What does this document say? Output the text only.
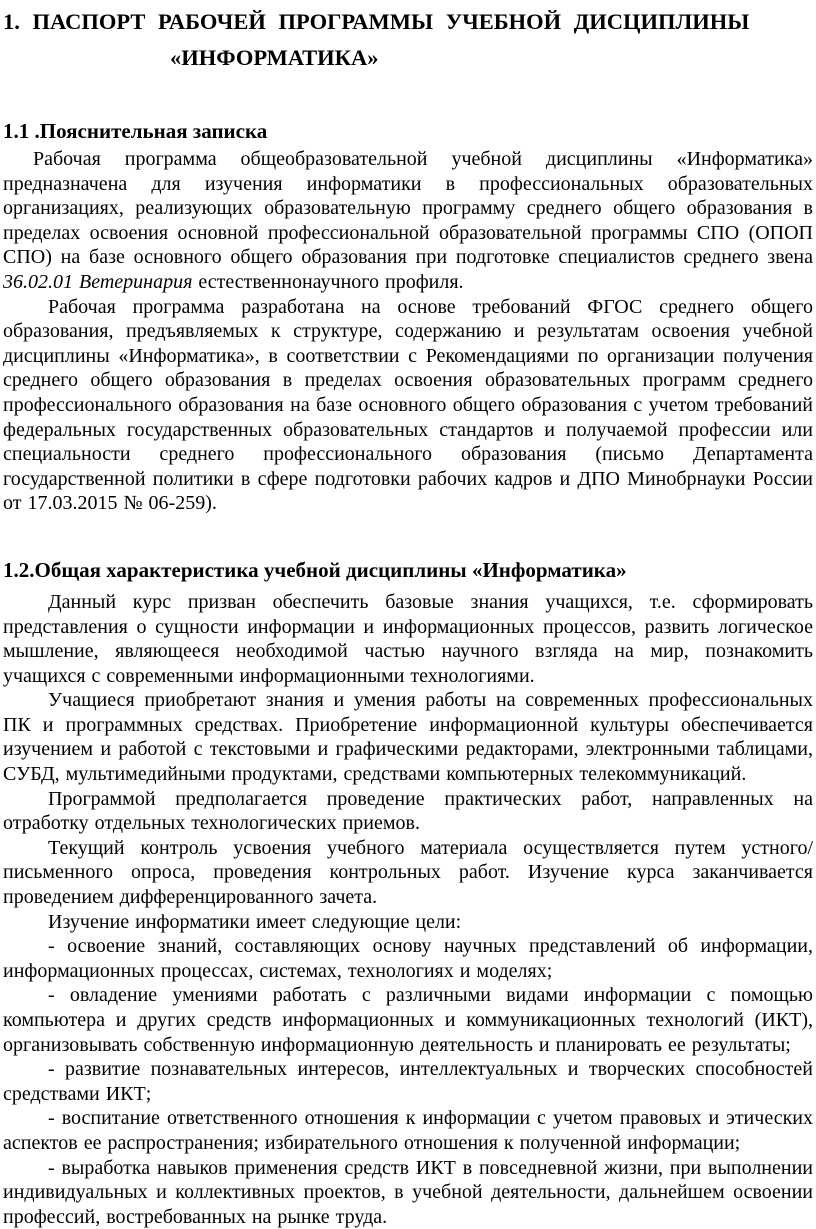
1. ПАСПОРТ РАБОЧЕЙ ПРОГРАММЫ УЧЕБНОЙ ДИСЦИПЛИНЫ
«ИНФОРМАТИКА»
1.1 .Пояснительная записка

Рабочая программа общеобразовательной учебной дисциплины «Информатика» предназначена для изучения информатики в профессиональных образовательных организациях, реализующих образовательную программу среднего общего образования в пределах освоения основной профессиональной образовательной программы СПО (ОПОП СПО) на базе основного общего образования при подготовке специалистов среднего звена 36.02.01 Ветеринария естественнонаучного профиля.

Рабочая программа разработана на основе требований ФГОС среднего общего образования, предъявляемых к структуре, содержанию и результатам освоения учебной дисциплины «Информатика», в соответствии с Рекомендациями по организации получения среднего общего образования в пределах освоения образовательных программ среднего профессионального образования на базе основного общего образования с учетом требований федеральных государственных образовательных стандартов и получаемой профессии или специальности среднего профессионального образования (письмо Департамента государственной политики в сфере подготовки рабочих кадров и ДПО Минобрнауки России от 17.03.2015 № 06-259).

1.2.Общая характеристика учебной дисциплины «Информатика»

Данный курс призван обеспечить базовые знания учащихся, т.е. сформировать представления о сущности информации и информационных процессов, развить логическое мышление, являющееся необходимой частью научного взгляда на мир, познакомить учащихся с современными информационными технологиями.

Учащиеся приобретают знания и умения работы на современных профессиональных ПК и программных средствах. Приобретение информационной культуры обеспечивается изучением и работой с текстовыми и графическими редакторами, электронными таблицами, СУБД, мультимедийными продуктами, средствами компьютерных телекоммуникаций.

Программой предполагается проведение практических работ, направленных на отработку отдельных технологических приемов.

Текущий контроль усвоения учебного материала осуществляется путем устного/письменного опроса, проведения контрольных работ. Изучение курса заканчивается проведением дифференцированного зачета.

Изучение информатики имеет следующие цели:

- освоение знаний, составляющих основу научных представлений об информации, информационных процессах, системах, технологиях и моделях;

- овладение умениями работать с различными видами информации с помощью компьютера и других средств информационных и коммуникационных технологий (ИКТ), организовывать собственную информационную деятельность и планировать ее результаты;

- развитие познавательных интересов, интеллектуальных и творческих способностей средствами ИКТ;

- воспитание ответственного отношения к информации с учетом правовых и этических аспектов ее распространения; избирательного отношения к полученной информации;

- выработка навыков применения средств ИКТ в повседневной жизни, при выполнении индивидуальных и коллективных проектов, в учебной деятельности, дальнейшем освоении профессий, востребованных на рынке труда.
